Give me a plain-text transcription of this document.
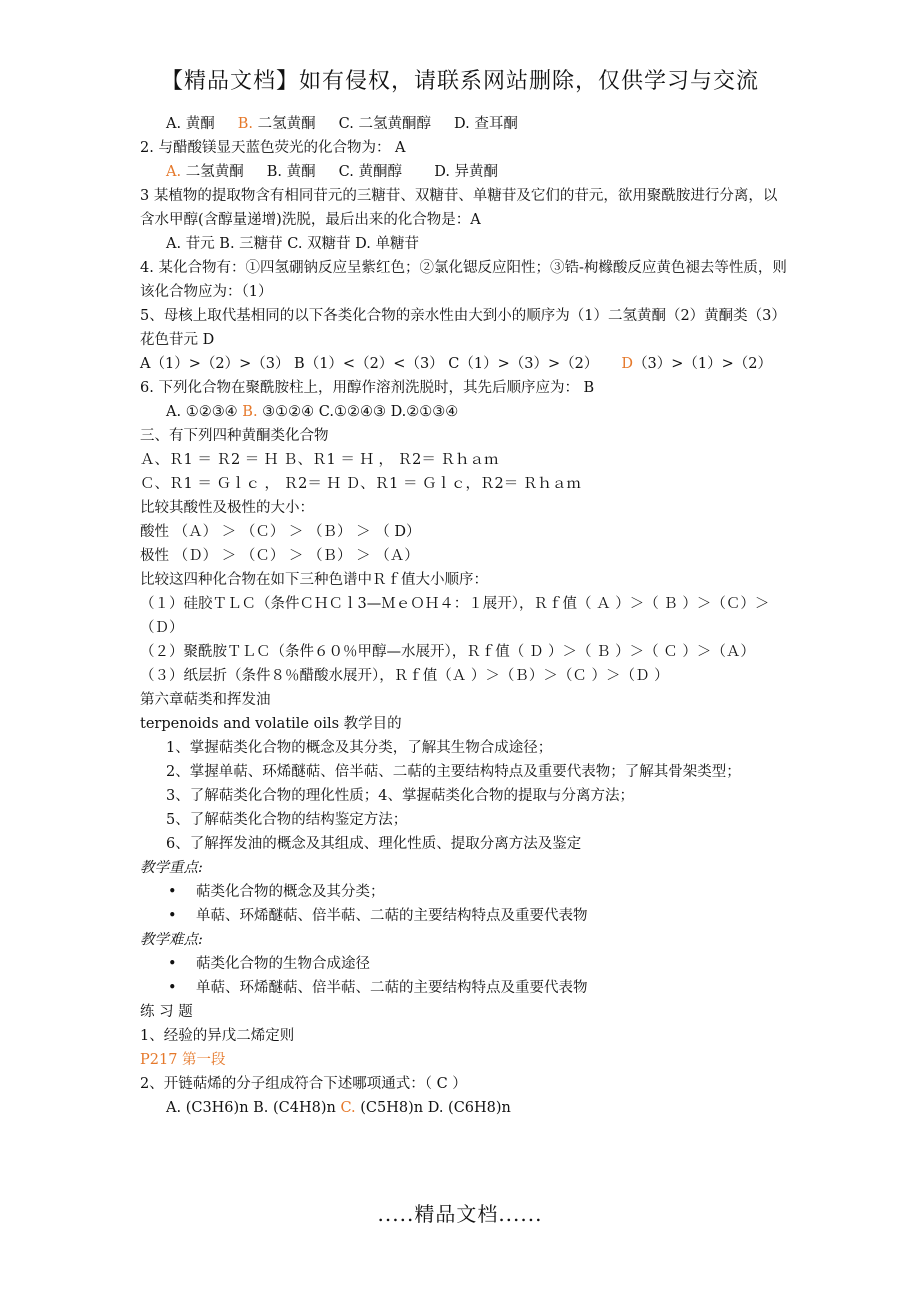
【精品文档】如有侵权，请联系网站删除，仅供学习与交流
A. 黄酮 B. 二氢黄酮 C. 二氢黄酮醇 D. 查耳酮
2. 与醋酸镁显天蓝色荧光的化合物为： A
A. 二氢黄酮 B. 黄酮 C. 黄酮醇 D. 异黄酮
3 某植物的提取物含有相同苷元的三糖苷、双糖苷、单糖苷及它们的苷元，欲用聚酰胺进行分离，以含水甲醇(含醇量递增)洗脱，最后出来的化合物是：A
A. 苷元 B. 三糖苷 C. 双糖苷 D. 单糖苷
4. 某化合物有：①四氢硼钠反应呈紫红色；②氯化锶反应阳性；③锆-枸橼酸反应黄色褪去等性质，则该化合物应为：（1）
5、母核上取代基相同的以下各类化合物的亲水性由大到小的顺序为（1）二氢黄酮（2）黄酮类（3）花色苷元 D
A（1）>（2）>（3） B（1）<（2）<（3） C（1）>（3）>（2） D（3）>（1）>（2）
6. 下列化合物在聚酰胺柱上，用醇作溶剂洗脱时，其先后顺序应为： B
A. ①②③④ B. ③①②④ C.①②④③ D.②①③④
三、有下列四种黄酮类化合物
Ａ、Ｒ1 ＝ Ｒ2 ＝ Ｈ Ｂ、Ｒ1 ＝ Ｈ ， Ｒ2＝ Ｒｈａｍ
Ｃ、Ｒ1 ＝ Ｇｌｃ ， Ｒ2＝ Ｈ Ｄ、Ｒ1 ＝ Ｇｌｃ，Ｒ2＝ Ｒｈａｍ
比较其酸性及极性的大小：
酸性 （Ａ） ＞ （Ｃ） ＞ （Ｂ） ＞ （ D）
极性 （Ｄ） ＞ （Ｃ） ＞ （Ｂ） ＞ （Ａ）
比较这四种化合物在如下三种色谱中Ｒｆ值大小顺序：
（１）硅胶ＴＬＣ（条件ＣＨＣｌ3—ＭｅＯＨ４：１展开），Ｒｆ值（ Ａ ）＞（ Ｂ ）＞（Ｃ）＞（Ｄ）
（２）聚酰胺ＴＬＣ（条件６０％甲醇—水展开），Ｒｆ值（ Ｄ ）＞（ Ｂ ）＞（ Ｃ ）＞（Ａ）
（３）纸层折（条件８％醋酸水展开），Ｒｆ值（Ａ ）＞（Ｂ）＞（Ｃ ）＞（Ｄ ）
第六章萜类和挥发油
terpenoids and volatile oils 教学目的
1、掌握萜类化合物的概念及其分类，了解其生物合成途径；
2、掌握单萜、环烯醚萜、倍半萜、二萜的主要结构特点及重要代表物；了解其骨架类型；
3、了解萜类化合物的理化性质；4、掌握萜类化合物的提取与分离方法；
5、了解萜类化合物的结构鉴定方法；
6、了解挥发油的概念及其组成、理化性质、提取分离方法及鉴定
教学重点:
• 萜类化合物的概念及其分类；
• 单萜、环烯醚萜、倍半萜、二萜的主要结构特点及重要代表物
教学难点:
• 萜类化合物的生物合成途径
• 单萜、环烯醚萜、倍半萜、二萜的主要结构特点及重要代表物
练 习 题
1、经验的异戊二烯定则
P217 第一段
2、开链萜烯的分子组成符合下述哪项通式：（ C ）
A. (C3H6)n B. (C4H8)n C. (C5H8)n D. (C6H8)n
.....精品文档......
